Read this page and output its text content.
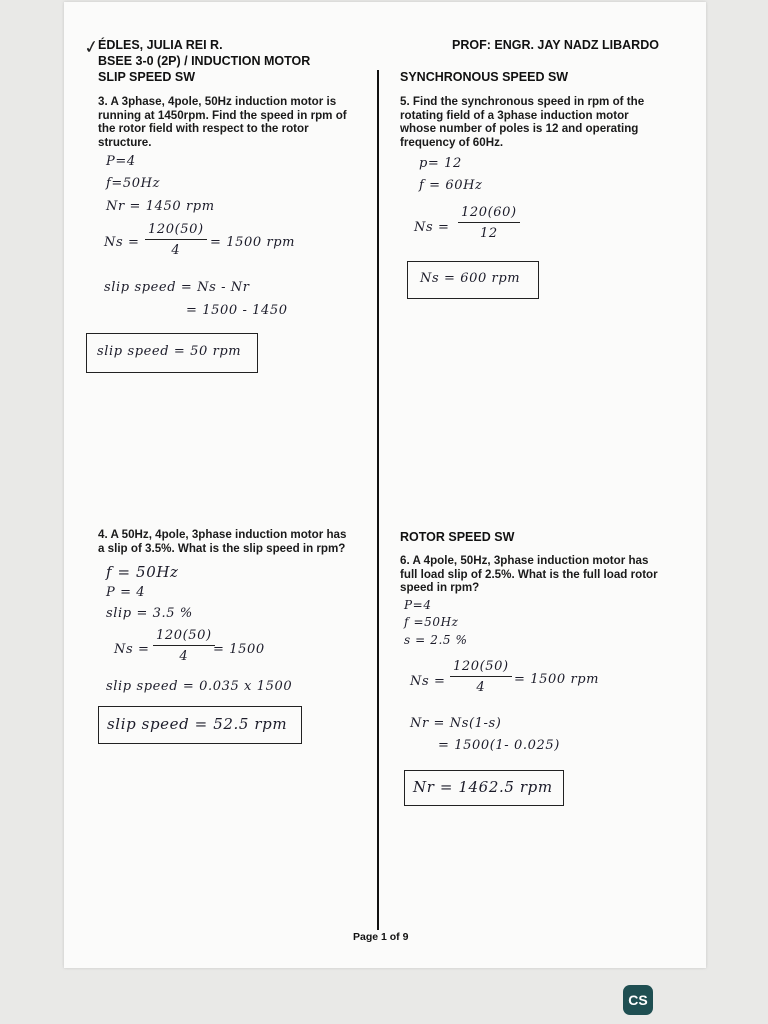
✓
ÉDLES, JULIA REI R.
BSEE 3-0 (2P) / INDUCTION MOTOR
PROF: ENGR. JAY NADZ LIBARDO
SLIP SPEED SW
3. A 3phase, 4pole, 50Hz induction motor is
running at 1450rpm. Find the speed in rpm of
the rotor field with respect to the rotor
structure.
P=4
f=50Hz
Nr = 1450 rpm
Ns =
120(50)
4
= 1500 rpm
slip speed = Ns - Nr
= 1500 - 1450
slip speed = 50 rpm
SYNCHRONOUS SPEED SW
5. Find the synchronous speed in rpm of the
rotating field of a 3phase induction motor
whose number of poles is 12 and operating
frequency of 60Hz.
p= 12
f = 60Hz
Ns =
120(60)
12
Ns = 600 rpm
4. A 50Hz, 4pole, 3phase induction motor has
a slip of 3.5%. What is the slip speed in rpm?
f = 50Hz
P = 4
slip = 3.5 %
Ns =
120(50)
4	= 1500
slip speed = 0.035 x 1500
slip speed = 52.5 rpm
ROTOR SPEED SW
6. A 4pole, 50Hz, 3phase induction motor has
full load slip of 2.5%. What is the full load rotor
speed in rpm?
P=4
f =50Hz
s = 2.5 %
Ns =
120(50)
4
= 1500 rpm
Nr = Ns(1-s)
= 1500(1- 0.025)
Nr = 1462.5 rpm
Page 1 of 9
CS
